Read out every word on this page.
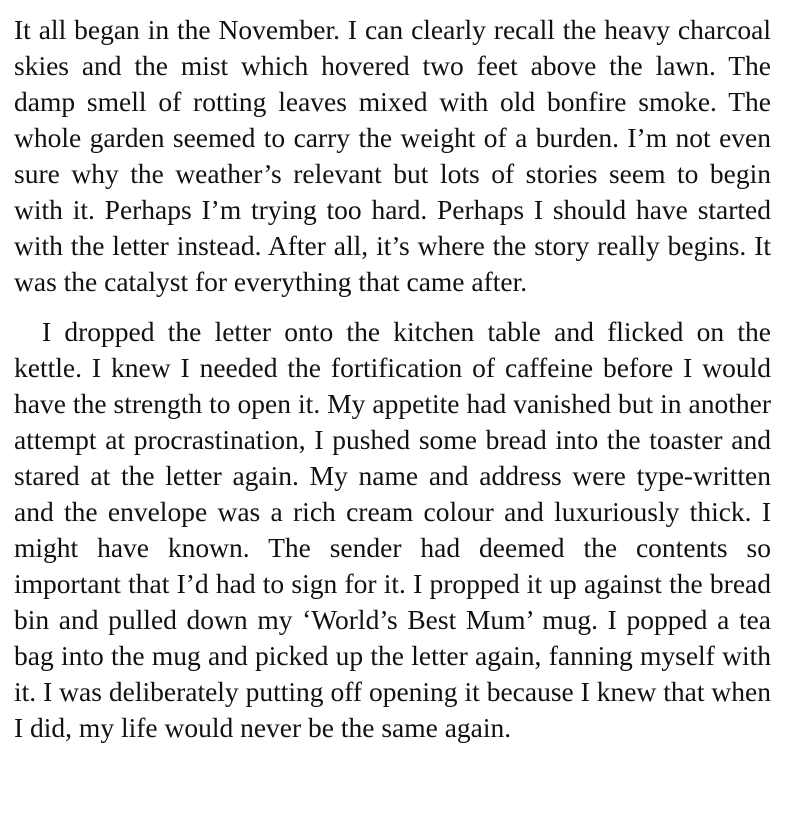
It all began in the November. I can clearly recall the heavy charcoal skies and the mist which hovered two feet above the lawn. The damp smell of rotting leaves mixed with old bonfire smoke. The whole garden seemed to carry the weight of a burden. I’m not even sure why the weather’s relevant but lots of stories seem to begin with it. Perhaps I’m trying too hard. Perhaps I should have started with the letter instead. After all, it’s where the story really begins. It was the catalyst for everything that came after.

I dropped the letter onto the kitchen table and flicked on the kettle. I knew I needed the fortification of caffeine before I would have the strength to open it. My appetite had vanished but in another attempt at procrastination, I pushed some bread into the toaster and stared at the letter again. My name and address were type-written and the envelope was a rich cream colour and luxuriously thick. I might have known. The sender had deemed the contents so important that I’d had to sign for it. I propped it up against the bread bin and pulled down my ‘World’s Best Mum’ mug. I popped a tea bag into the mug and picked up the letter again, fanning myself with it. I was deliberately putting off opening it because I knew that when I did, my life would never be the same again.
